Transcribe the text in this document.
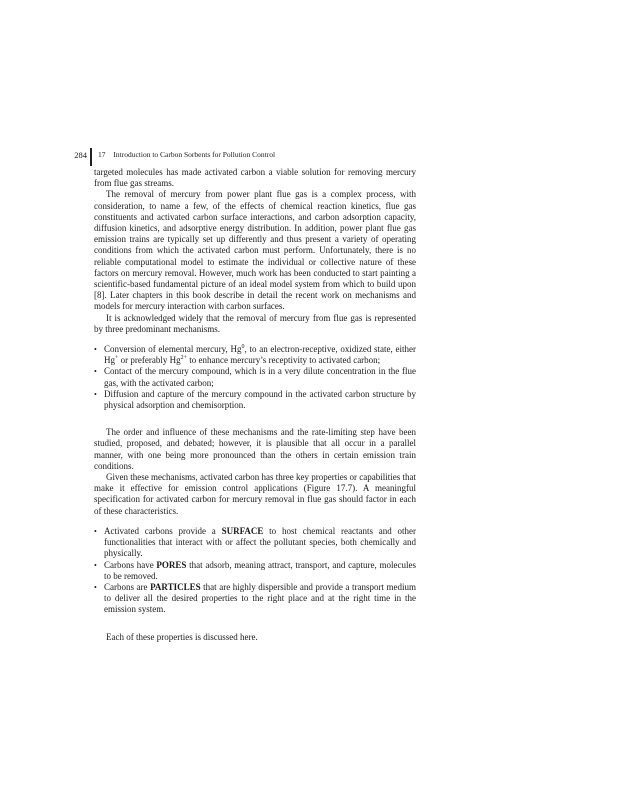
284 17 Introduction to Carbon Sorbents for Pollution Control

targeted molecules has made activated carbon a viable solution for removing mercury from flue gas streams.

The removal of mercury from power plant flue gas is a complex process, with consideration, to name a few, of the effects of chemical reaction kinetics, flue gas constituents and activated carbon surface interactions, and carbon adsorption capacity, diffusion kinetics, and adsorptive energy distribution. In addition, power plant flue gas emission trains are typically set up differently and thus present a variety of operating conditions from which the activated carbon must perform. Unfortunately, there is no reliable computational model to estimate the individual or collective nature of these factors on mercury removal. However, much work has been conducted to start painting a scientific-based fundamental picture of an ideal model system from which to build upon [8]. Later chapters in this book describe in detail the recent work on mechanisms and models for mercury interaction with carbon surfaces.

It is acknowledged widely that the removal of mercury from flue gas is represented by three predominant mechanisms.

• Conversion of elemental mercury, Hg$^0$, to an electron-receptive, oxidized state, either Hg+ or preferably $Hg^{2+}$ to enhance mercury’s receptivity to activated carbon;
• Contact of the mercury compound, which is in a very dilute concentration in the flue gas, with the activated carbon;
• Diffusion and capture of the mercury compound in the activated carbon structure by physical adsorption and chemisorption.

The order and influence of these mechanisms and the rate-limiting step have been studied, proposed, and debated; however, it is plausible that all occur in a parallel manner, with one being more pronounced than the others in certain emission train conditions.

Given these mechanisms, activated carbon has three key properties or capabilities that make it effective for emission control applications (Figure 17.7). A meaningful specification for activated carbon for mercury removal in flue gas should factor in each of these characteristics.

• Activated carbons provide a SURFACE to host chemical reactants and other functionalities that interact with or affect the pollutant species, both chemically and physically.
• Carbons have PORES that adsorb, meaning attract, transport, and capture, molecules to be removed.
• Carbons are PARTICLES that are highly dispersible and provide a transport medium to deliver all the desired properties to the right place and at the right time in the emission system.

Each of these properties is discussed here.
